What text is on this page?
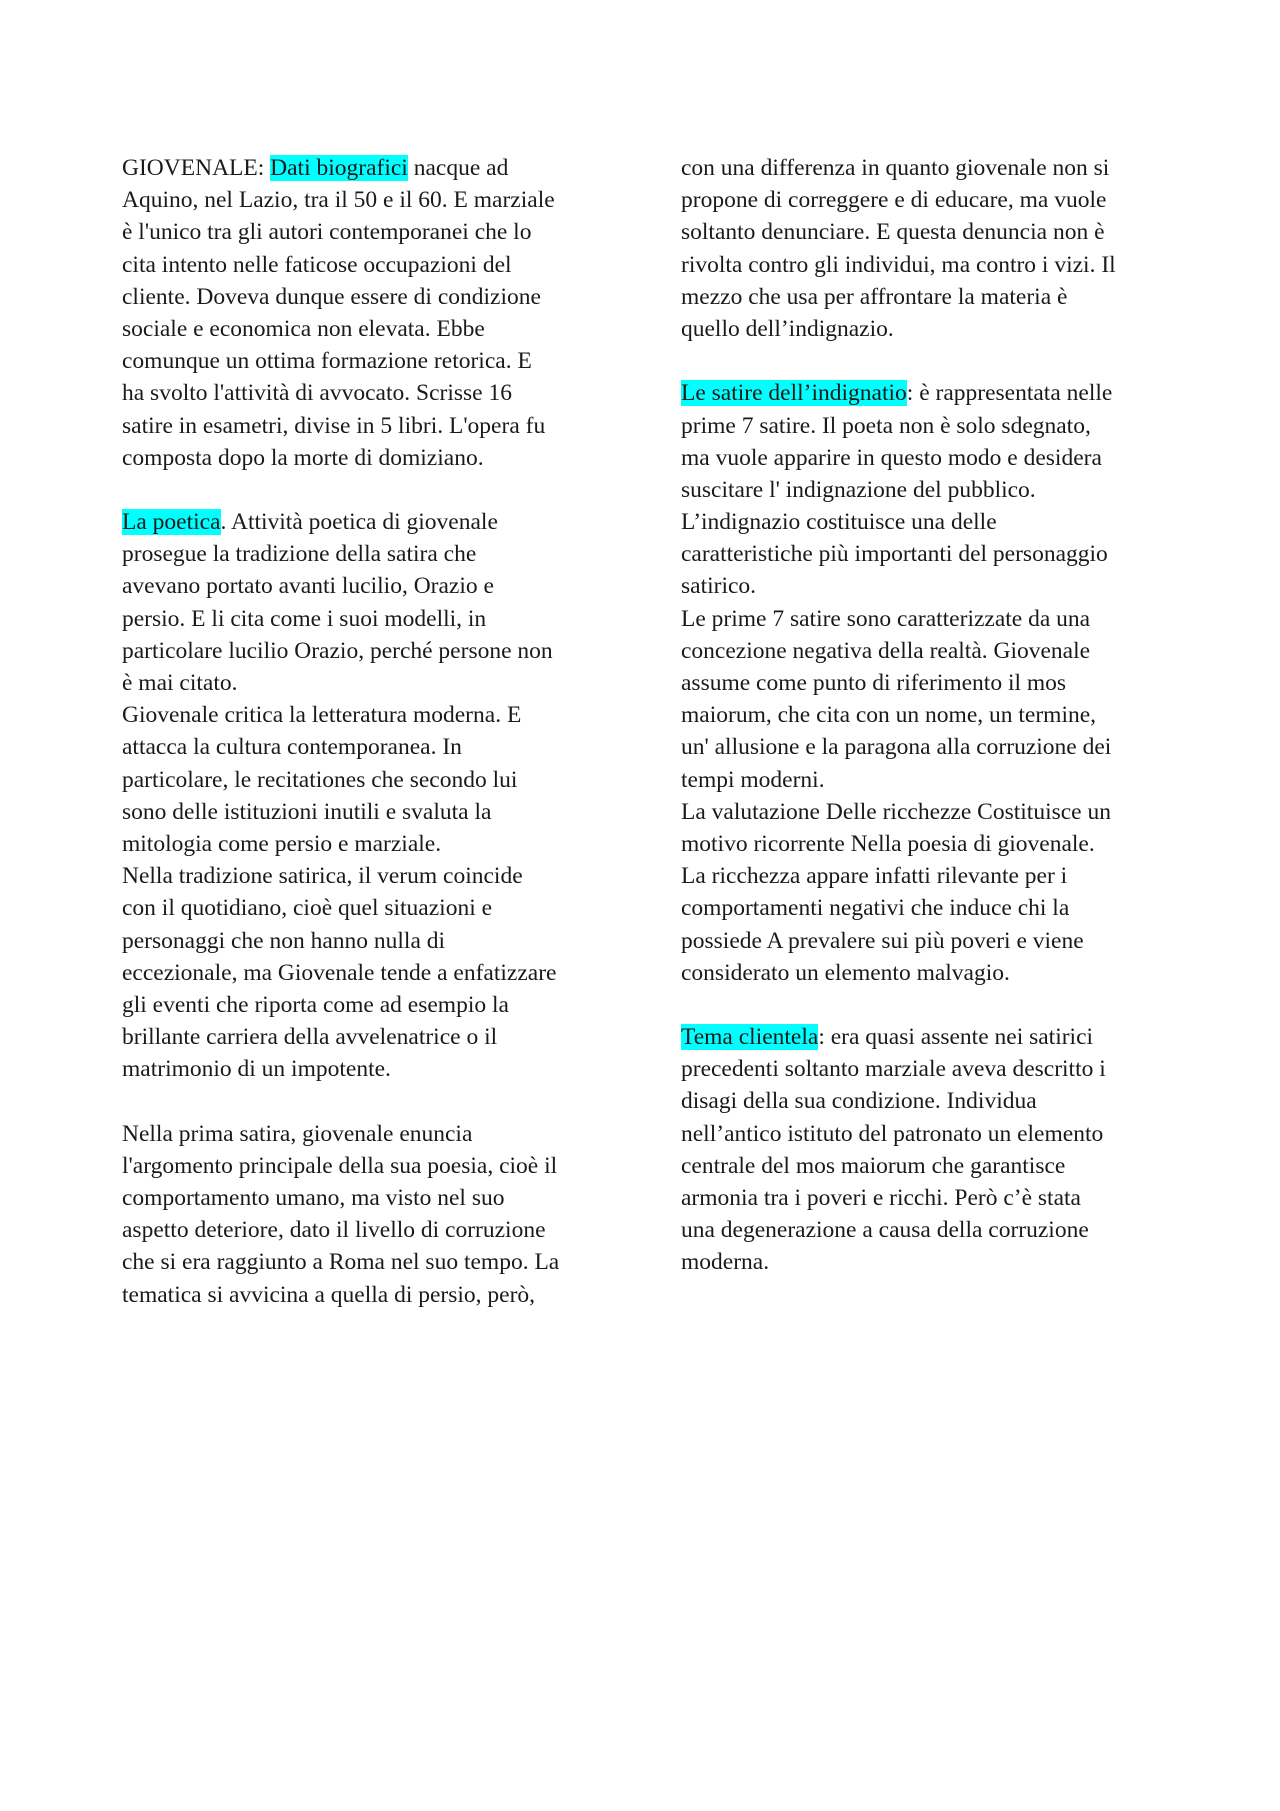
GIOVENALE: Dati biografici nacque ad
Aquino, nel Lazio, tra il 50 e il 60. E marziale
è l'unico tra gli autori contemporanei che lo
cita intento nelle faticose occupazioni del
cliente. Doveva dunque essere di condizione
sociale e economica non elevata. Ebbe
comunque un ottima formazione retorica. E
ha svolto l'attività di avvocato. Scrisse 16
satire in esametri, divise in 5 libri. L'opera fu
composta dopo la morte di domiziano.
La poetica. Attività poetica di giovenale
prosegue la tradizione della satira che
avevano portato avanti lucilio, Orazio e
persio. E li cita come i suoi modelli, in
particolare lucilio Orazio, perché persone non
è mai citato.
Giovenale critica la letteratura moderna. E
attacca la cultura contemporanea. In
particolare, le recitationes che secondo lui
sono delle istituzioni inutili e svaluta la
mitologia come persio e marziale.
Nella tradizione satirica, il verum coincide
con il quotidiano, cioè quel situazioni e
personaggi che non hanno nulla di
eccezionale, ma Giovenale tende a enfatizzare
gli eventi che riporta come ad esempio la
brillante carriera della avvelenatrice o il
matrimonio di un impotente.
Nella prima satira, giovenale enuncia
l'argomento principale della sua poesia, cioè il
comportamento umano, ma visto nel suo
aspetto deteriore, dato il livello di corruzione
che si era raggiunto a Roma nel suo tempo. La
tematica si avvicina a quella di persio, però,
con una differenza in quanto giovenale non si
propone di correggere e di educare, ma vuole
soltanto denunciare. E questa denuncia non è
rivolta contro gli individui, ma contro i vizi. Il
mezzo che usa per affrontare la materia è
quello dell’indignazio.
Le satire dell’indignatio: è rappresentata nelle
prime 7 satire. Il poeta non è solo sdegnato,
ma vuole apparire in questo modo e desidera
suscitare l' indignazione del pubblico.
L’indignazio costituisce una delle
caratteristiche più importanti del personaggio
satirico.
Le prime 7 satire sono caratterizzate da una
concezione negativa della realtà. Giovenale
assume come punto di riferimento il mos
maiorum, che cita con un nome, un termine,
un' allusione e la paragona alla corruzione dei
tempi moderni.
La valutazione Delle ricchezze Costituisce un
motivo ricorrente Nella poesia di giovenale.
La ricchezza appare infatti rilevante per i
comportamenti negativi che induce chi la
possiede A prevalere sui più poveri e viene
considerato un elemento malvagio.
Tema clientela: era quasi assente nei satirici
precedenti soltanto marziale aveva descritto i
disagi della sua condizione. Individua
nell’antico istituto del patronato un elemento
centrale del mos maiorum che garantisce
armonia tra i poveri e ricchi. Però c’è stata
una degenerazione a causa della corruzione
moderna.
